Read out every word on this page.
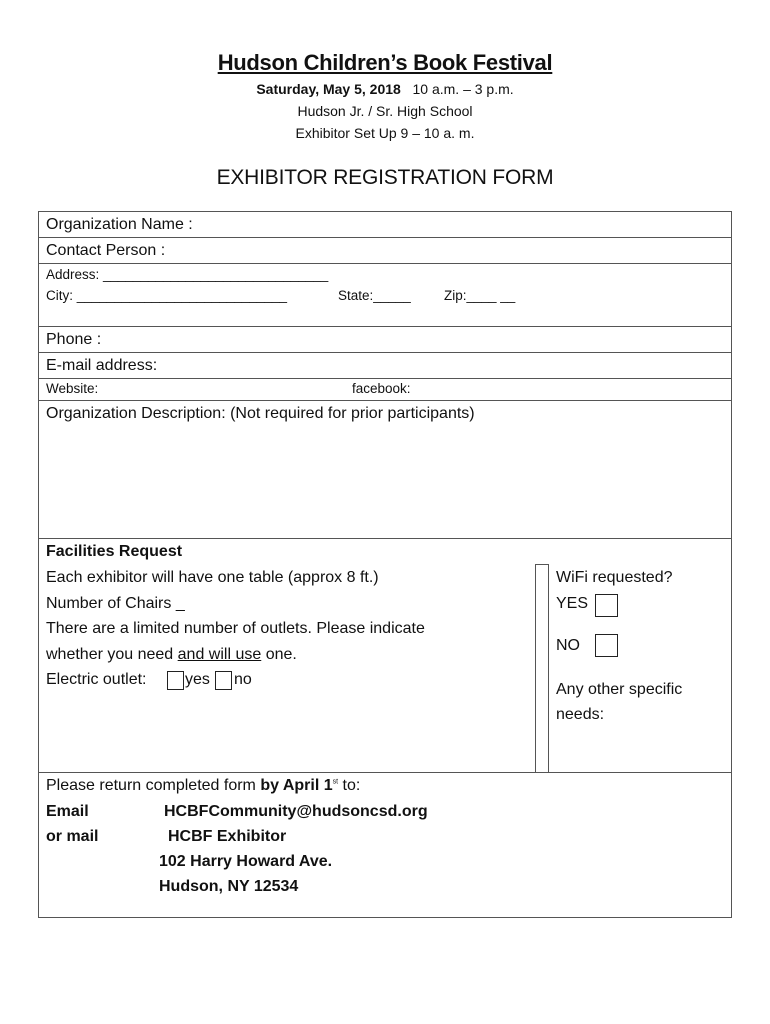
Hudson Children’s Book Festival
Saturday, May 5, 2018 10 a.m. – 3 p.m.
Hudson Jr. / Sr. High School
Exhibitor Set Up 9 – 10 a. m.
EXHIBITOR REGISTRATION FORM
Organization Name :
Contact Person :
Address: ______________________________
City: ____________________________	State:_____ Zip:____ __
Phone :
E-mail address:
Website:	facebook:
Organization Description: (Not required for prior participants)
Facilities Request
Each exhibitor will have one table (approx 8 ft.)
Number of Chairs _
There are a limited number of outlets. Please indicate
whether you need and will use one.
Electric outlet: yes no
WiFi requested?
YES
NO
Any other specific
needs:
Please return completed form by April 1st to:
Email	HCBFCommunity@hudsoncsd.org
or mail	HCBF Exhibitor
102 Harry Howard Ave.
Hudson, NY 12534
